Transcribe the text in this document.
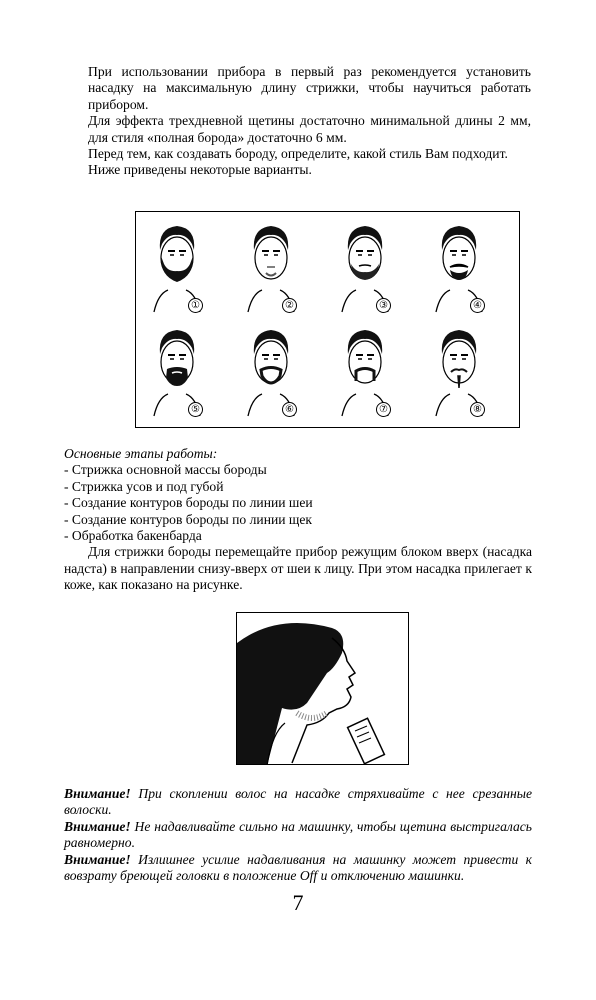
При использовании прибора в первый раз рекомендуется установить насадку на максимальную длину стрижки, чтобы научиться работать прибором.

Для эффекта трехдневной щетины достаточно минимальной длины 2 мм, для стиля «полная борода» достаточно 6 мм.

Перед тем, как создавать бороду, определите, какой стиль Вам подходит.

Ниже приведены некоторые варианты.

①	②	③	④
⑤	⑥	⑦	⑧

Основные этапы работы:

- Стрижка основной массы бороды

- Стрижка усов и под губой

- Создание контуров бороды по линии шеи

- Создание контуров бороды по линии щек

- Обработка бакенбарда

Для стрижки бороды перемещайте прибор режущим блоком вверх (насадка надста) в направлении снизу-вверх от шеи к лицу. При этом насадка прилегает к коже, как показано на рисунке.

Внимание! При скоплении волос на насадке стряхивайте с нее срезанные волоски.

Внимание! Не надавливайте сильно на машинку, чтобы щетина выстригалась равномерно.

Внимание! Излишнее усилие надавливания на машинку может привести к вовзрату бреющей головки в положение Off и отключению машинки.

7
